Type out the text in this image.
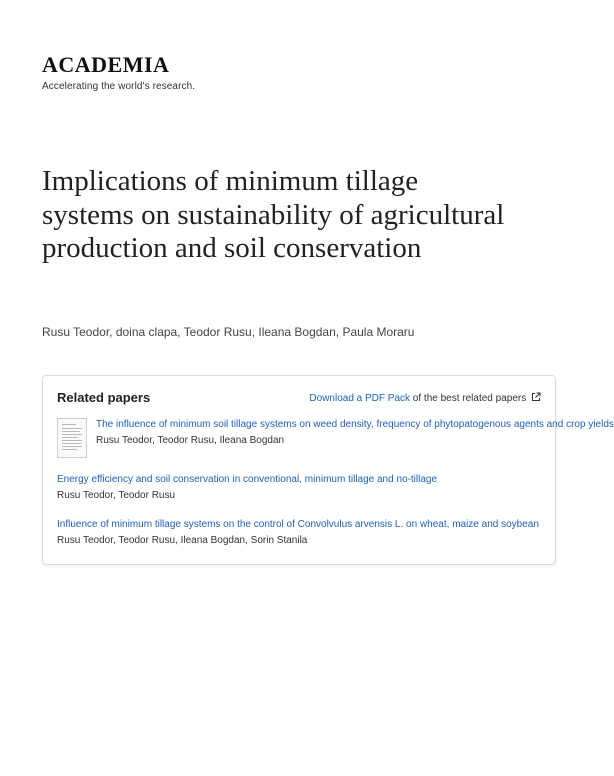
ACADEMIA
Accelerating the world's research.
Implications of minimum tillage systems on sustainability of agricultural production and soil conservation
Rusu Teodor, doina clapa, Teodor Rusu, Ileana Bogdan, Paula Moraru
Related papers	Download a PDF Pack of the best related papers
The influence of minimum soil tillage systems on weed density, frequency of phytopatogenous agents and crop yields
Rusu Teodor, Teodor Rusu, Ileana Bogdan
Energy efficiency and soil conservation in conventional, minimum tillage and no-tillage
Rusu Teodor, Teodor Rusu
Influence of minimum tillage systems on the control of Convolvulus arvensis L. on wheat, maize and soybean
Rusu Teodor, Teodor Rusu, Ileana Bogdan, Sorin Stanila
